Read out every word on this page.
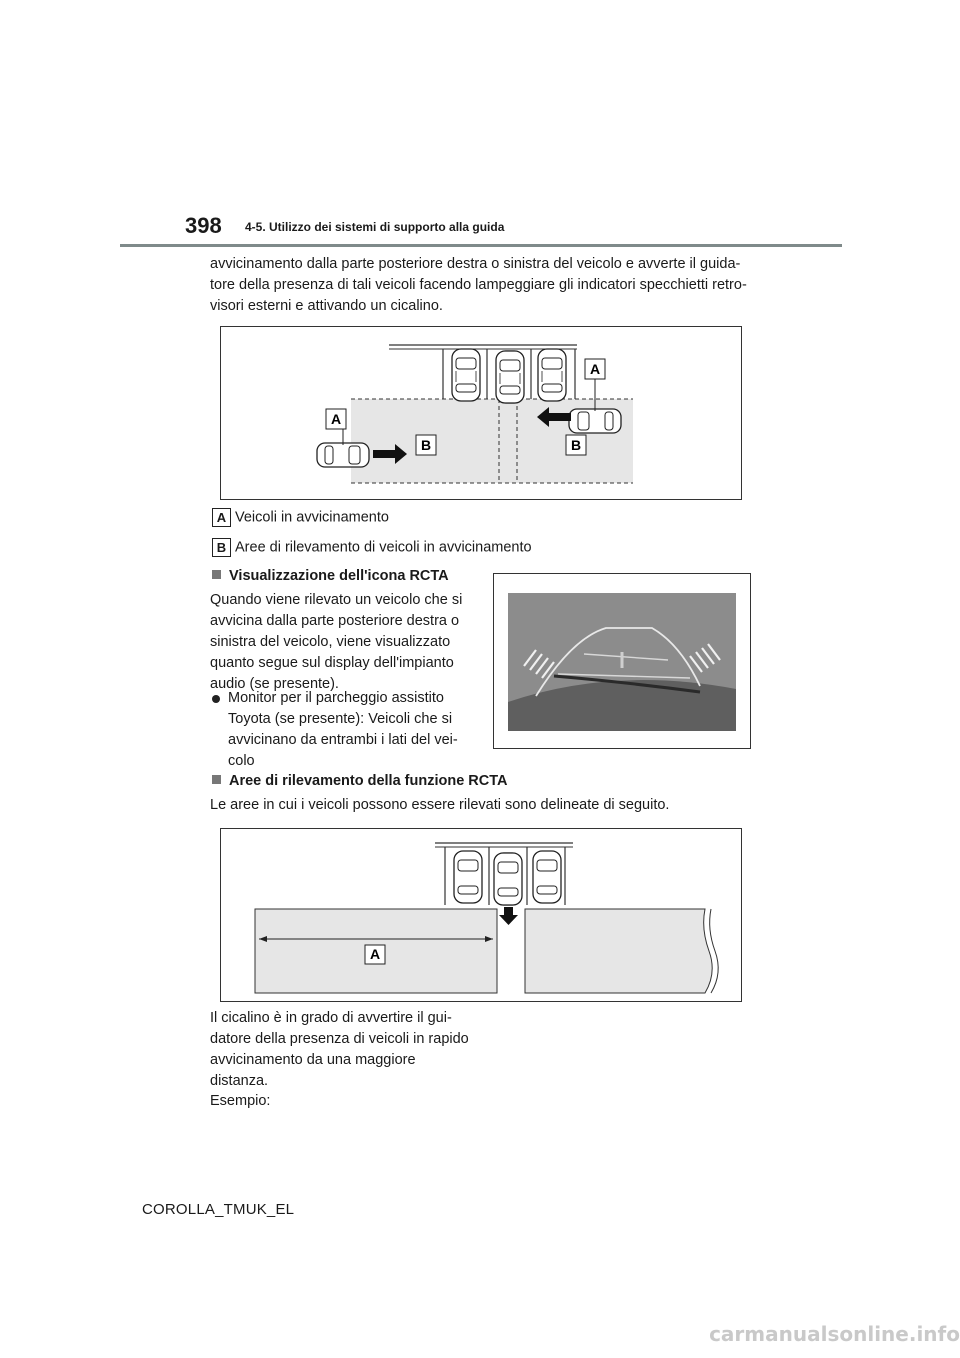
398 4-5. Utilizzo dei sistemi di supporto alla guida
avvicinamento dalla parte posteriore destra o sinistra del veicolo e avverte il guida-tore della presenza di tali veicoli facendo lampeggiare gli indicatori specchietti retro-visori esterni e attivando un cicalino.
A
A
B	B
A Veicoli in avvicinamento
B Aree di rilevamento di veicoli in avvicinamento
Visualizzazione dell'icona RCTA
Quando viene rilevato un veicolo che si avvicina dalla parte posteriore destra o sinistra del veicolo, viene visualizzato quanto segue sul display dell'impianto audio (se presente).
Monitor per il parcheggio assistito Toyota (se presente): Veicoli che si avvicinano da entrambi i lati del vei-colo
Aree di rilevamento della funzione RCTA
Le aree in cui i veicoli possono essere rilevati sono delineate di seguito.
A
Il cicalino è in grado di avvertire il gui-datore della presenza di veicoli in rapido avvicinamento da una maggiore distanza.
Esempio:
COROLLA_TMUK_EL
carmanualsonline.info
